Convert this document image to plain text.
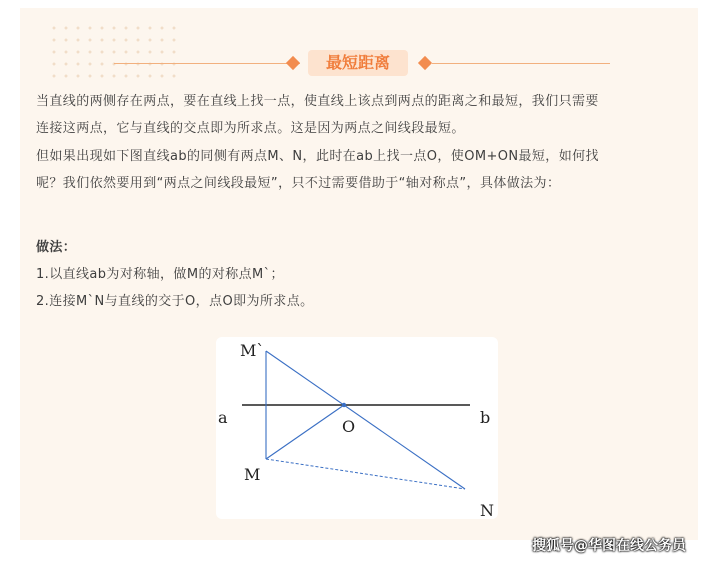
最短距离
当直线的两侧存在两点，要在直线上找一点，使直线上该点到两点的距离之和最短，我们只需要
连接这两点，它与直线的交点即为所求点。这是因为两点之间线段最短。
但如果出现如下图直线ab的同侧有两点M、N，此时在ab上找一点O，使OM+ON最短，如何找
呢？我们依然要用到“两点之间线段最短”，只不过需要借助于“轴对称点”，具体做法为：
做法：
1.以直线ab为对称轴，做M的对称点M`；
2.连接M`N与直线的交于O，点O即为所求点。
M`
a	b
O
M
N
搜狐号@华图在线公务员
